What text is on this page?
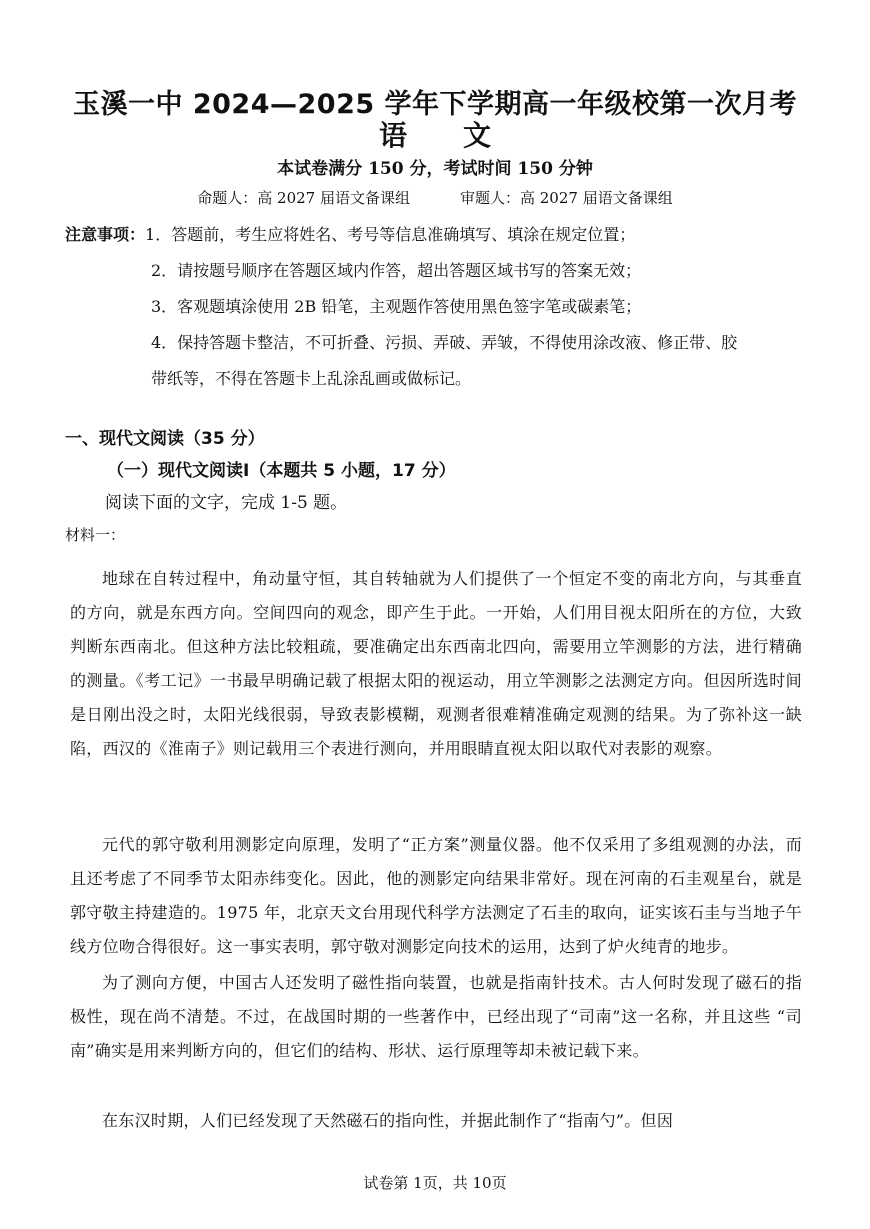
玉溪一中 2024—2025 学年下学期高一年级校第一次月考
语文
本试卷满分 150 分，考试时间 150 分钟
命题人：高 2027 届语文备课组	审题人：高 2027 届语文备课组
注意事项：1．答题前，考生应将姓名、考号等信息准确填写、填涂在规定位置；
2．请按题号顺序在答题区域内作答，超出答题区域书写的答案无效；
3．客观题填涂使用 2B 铅笔，主观题作答使用黑色签字笔或碳素笔；
4．保持答题卡整洁，不可折叠、污损、弄破、弄皱，不得使用涂改液、修正带、胶
带纸等，不得在答题卡上乱涂乱画或做标记。
一、现代文阅读（35 分）
（一）现代文阅读Ⅰ（本题共 5 小题，17 分）
阅读下面的文字，完成 1-5 题。
材料一：

地球在自转过程中，角动量守恒，其自转轴就为人们提供了一个恒定不变的南北方向，与其垂直的方向，就是东西方向。空间四向的观念，即产生于此。一开始，人们用目视太阳所在的方位，大致判断东西南北。但这种方法比较粗疏，要准确定出东西南北四向，需要用立竿测影的方法，进行精确的测量。《考工记》一书最早明确记载了根据太阳的视运动，用立竿测影之法测定方向。但因所选时间是日刚出没之时，太阳光线很弱，导致表影模糊，观测者很难精准确定观测的结果。为了弥补这一缺陷，西汉的《淮南子》则记载用三个表进行测向，并用眼睛直视太阳以取代对表影的观察。

元代的郭守敬利用测影定向原理，发明了“正方案”测量仪器。他不仅采用了多组观测的办法，而且还考虑了不同季节太阳赤纬变化。因此，他的测影定向结果非常好。现在河南的石圭观星台，就是郭守敬主持建造的。1975 年，北京天文台用现代科学方法测定了石圭的取向，证实该石圭与当地子午线方位吻合得很好。这一事实表明，郭守敬对测影定向技术的运用，达到了炉火纯青的地步。

为了测向方便，中国古人还发明了磁性指向装置，也就是指南针技术。古人何时发现了磁石的指极性，现在尚不清楚。不过，在战国时期的一些著作中，已经出现了“司南”这一名称，并且这些 “司南”确实是用来判断方向的，但它们的结构、形状、运行原理等却未被记载下来。

在东汉时期，人们已经发现了天然磁石的指向性，并据此制作了“指南勺”。但因

试卷第 1页，共 10页
